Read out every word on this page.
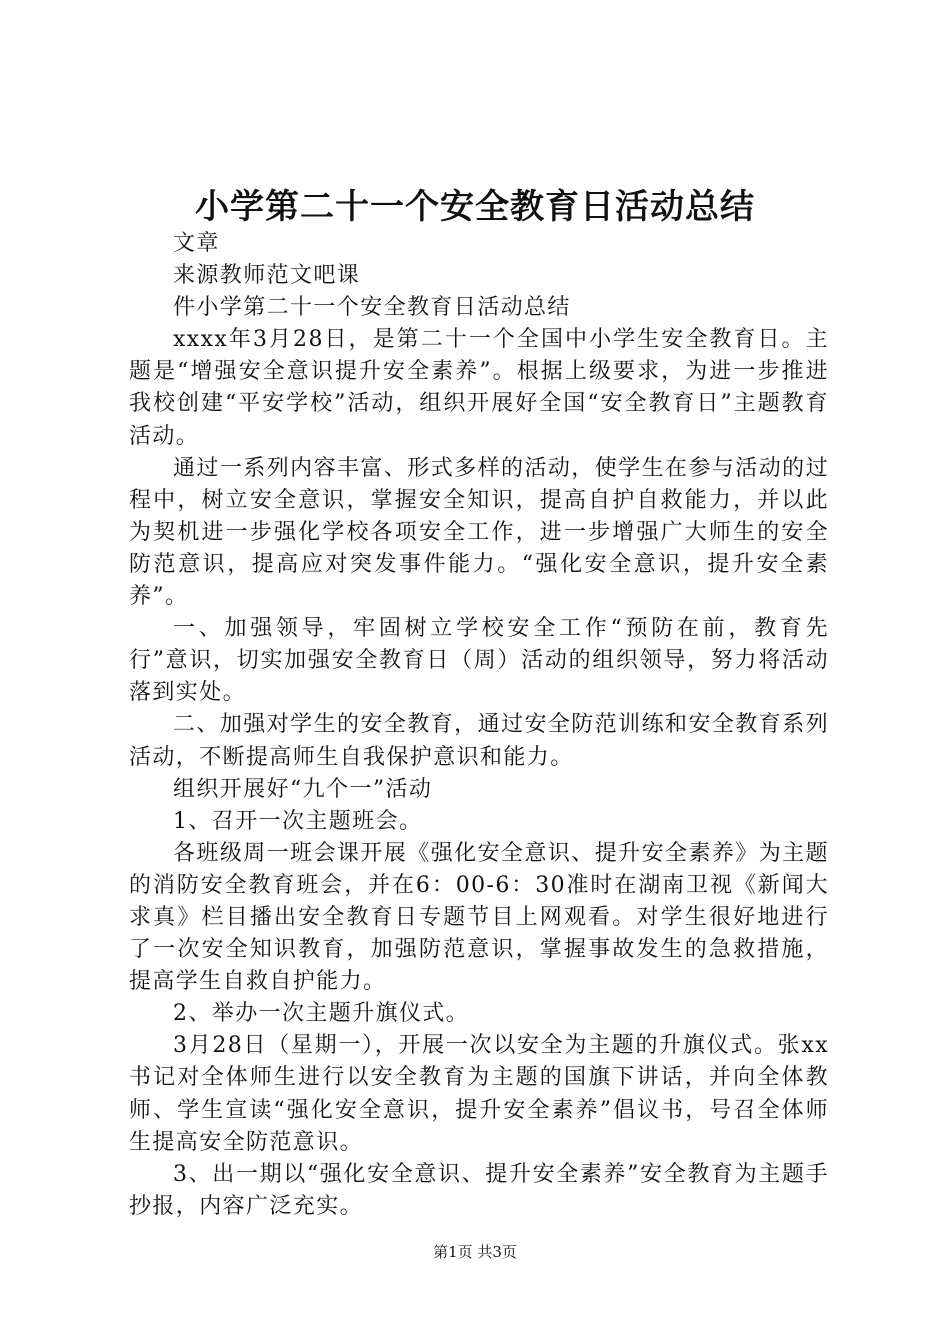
小学第二十一个安全教育日活动总结

文章

来源教师范文吧课

件小学第二十一个安全教育日活动总结

xxxx年3月28日，是第二十一个全国中小学生安全教育日。主题是“增强安全意识提升安全素养”。根据上级要求，为进一步推进我校创建“平安学校”活动，组织开展好全国“安全教育日”主题教育活动。

通过一系列内容丰富、形式多样的活动，使学生在参与活动的过程中，树立安全意识，掌握安全知识，提高自护自救能力，并以此为契机进一步强化学校各项安全工作，进一步增强广大师生的安全防范意识，提高应对突发事件能力。“强化安全意识，提升安全素养”。

一、加强领导，牢固树立学校安全工作“预防在前，教育先行”意识，切实加强安全教育日（周）活动的组织领导，努力将活动落到实处。

二、加强对学生的安全教育，通过安全防范训练和安全教育系列活动，不断提高师生自我保护意识和能力。

组织开展好“九个一”活动

1、召开一次主题班会。

各班级周一班会课开展《强化安全意识、提升安全素养》为主题的消防安全教育班会，并在6：00-6：30准时在湖南卫视《新闻大求真》栏目播出安全教育日专题节目上网观看。对学生很好地进行了一次安全知识教育，加强防范意识，掌握事故发生的急救措施，提高学生自救自护能力。

2、举办一次主题升旗仪式。

3月28日（星期一），开展一次以安全为主题的升旗仪式。张xx书记对全体师生进行以安全教育为主题的国旗下讲话，并向全体教师、学生宣读“强化安全意识，提升安全素养”倡议书，号召全体师生提高安全防范意识。

3、出一期以“强化安全意识、提升安全素养”安全教育为主题手抄报，内容广泛充实。

第1页 共3页
